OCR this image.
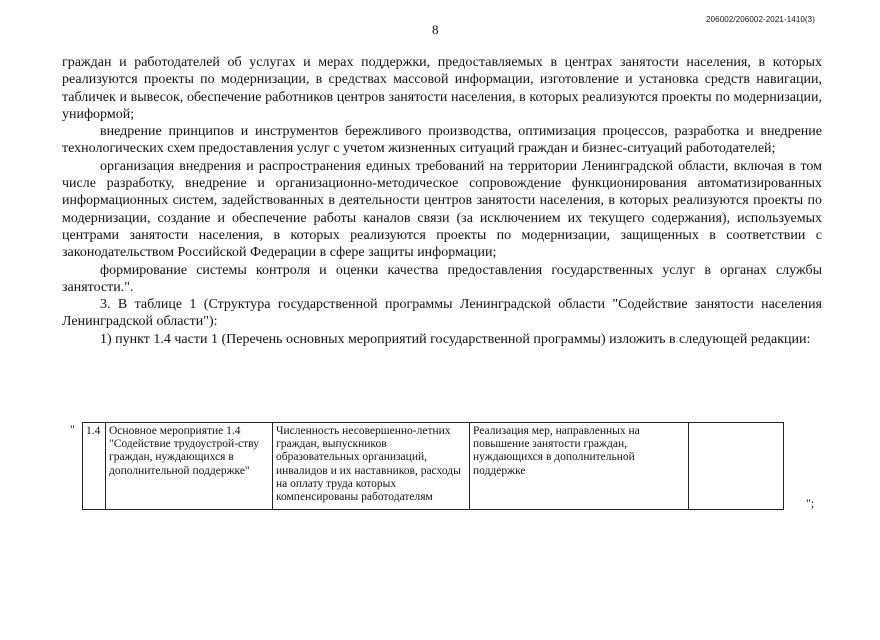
8
206002/206002-2021-1410(3)

граждан и работодателей об услугах и мерах поддержки, предоставляемых в центрах занятости населения, в которых реализуются проекты по модернизации, в средствах массовой информации, изготовление и установка средств навигации, табличек и вывесок, обеспечение работников центров занятости населения, в которых реализуются проекты по модернизации, униформой;

внедрение принципов и инструментов бережливого производства, оптимизация процессов, разработка и внедрение технологических схем предоставления услуг с учетом жизненных ситуаций граждан и бизнес-ситуаций работодателей;

организация внедрения и распространения единых требований на территории Ленинградской области, включая в том числе разработку, внедрение и организационно-методическое сопровождение функционирования автоматизированных информационных систем, задействованных в деятельности центров занятости населения, в которых реализуются проекты по модернизации, создание и обеспечение работы каналов связи (за исключением их текущего содержания), используемых центрами занятости населения, в которых реализуются проекты по модернизации, защищенных в соответствии с законодательством Российской Федерации в сфере защиты информации;

формирование системы контроля и оценки качества предоставления государственных услуг в органах службы занятости.".

3. В таблице 1 (Структура государственной программы Ленинградской области "Содействие занятости населения Ленинградской области"):

1) пункт 1.4 части 1 (Перечень основных мероприятий государственной программы) изложить в следующей редакции:

" 1.4	Основное мероприятие 1.4 "Содействие трудоустрой-ству граждан, нуждающихся в дополнительной поддержке"	Численность несовершенно-летних граждан, выпускников образовательных организаций, инвалидов и их наставников, расходы на оплату труда которых компенсированы работодателям	Реализация мер, направленных на повышение занятости граждан, нуждающихся в дополнительной поддержке	
";
